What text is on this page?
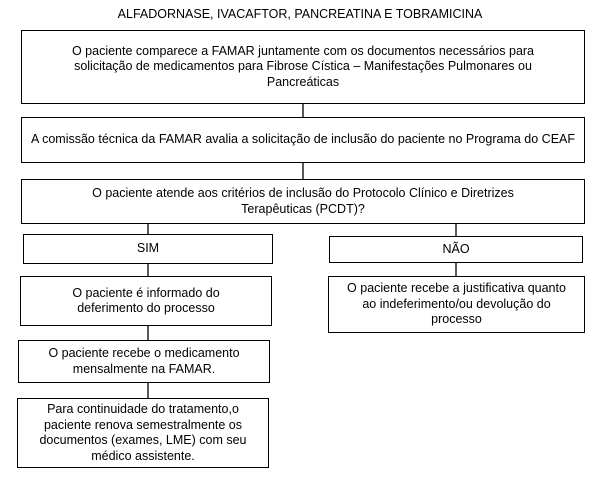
ALFADORNASE, IVACAFTOR, PANCREATINA E TOBRAMICINA
O paciente comparece a FAMAR juntamente com os documentos necessários para solicitação de medicamentos para Fibrose Cística – Manifestações Pulmonares ou Pancreáticas
A comissão técnica da FAMAR avalia a solicitação de inclusão do paciente no Programa do CEAF
O paciente atende aos critérios de inclusão do Protocolo Clínico e Diretrizes Terapêuticas (PCDT)?
SIM	NÃO
O paciente é informado do deferimento do processo
O paciente recebe a justificativa quanto ao indeferimento/ou devolução do processo
O paciente recebe o medicamento mensalmente na FAMAR.
Para continuidade do tratamento,o paciente renova semestralmente os documentos (exames, LME) com seu médico assistente.
